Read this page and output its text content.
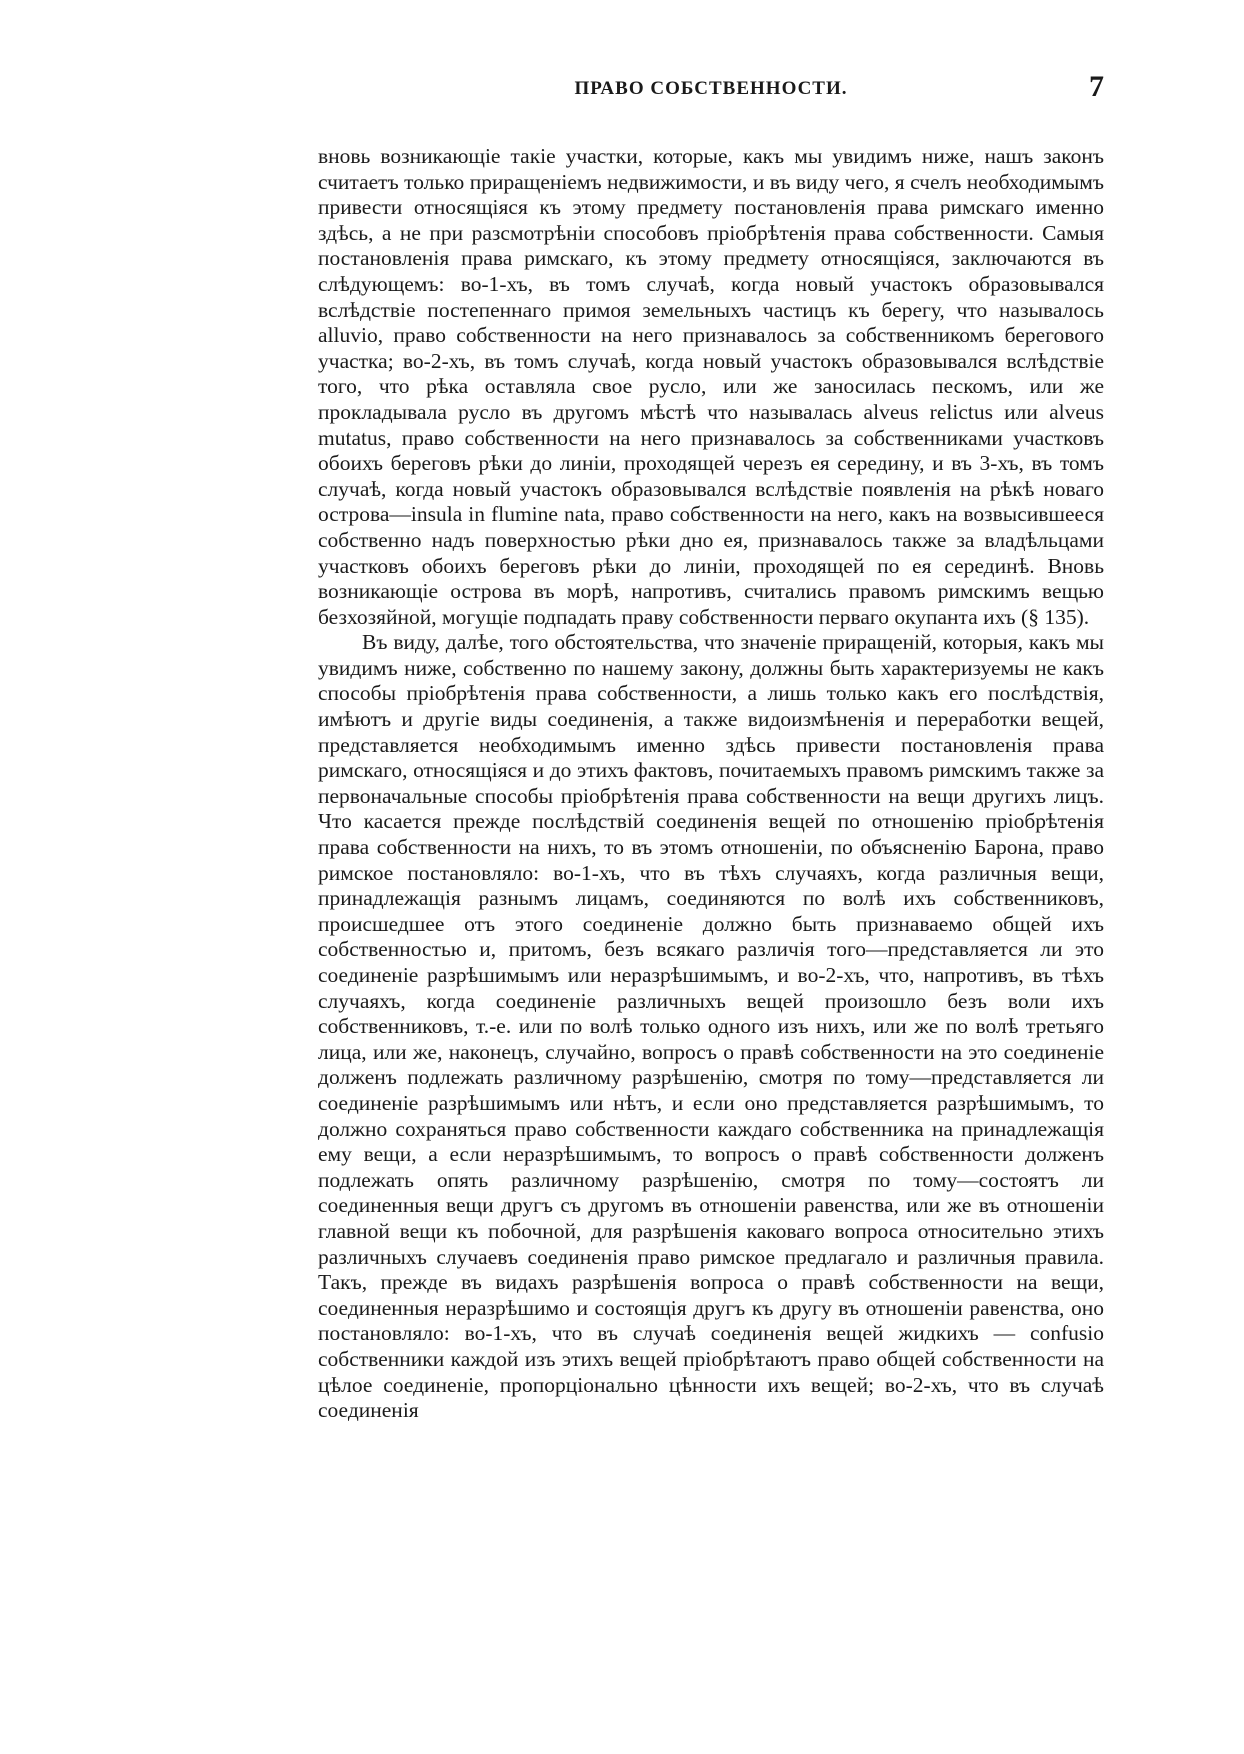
ПРАВО СОБСТВЕННОСТИ.	7

вновь возникающіе такіе участки, которые, какъ мы увидимъ ниже, нашъ законъ считаетъ только приращеніемъ недвижимости, и въ виду чего, я счелъ необходимымъ привести относящіяся къ этому предмету постановленія права римскаго именно здѣсь, а не при разсмотрѣніи способовъ пріобрѣтенія права собственности. Самыя постановленія права римскаго, къ этому предмету относящіяся, заключаются въ слѣдующемъ: во-1-хъ, въ томъ случаѣ, когда новый участокъ образовывался вслѣдствіе постепеннаго примоя земельныхъ частицъ къ берегу, что называлось alluvio, право собственности на него признавалось за собственникомъ берегового участка; во-2-хъ, въ томъ случаѣ, когда новый участокъ образовывался вслѣдствіе того, что рѣка оставляла свое русло, или же заносилась пескомъ, или же прокладывала русло въ другомъ мѣстѣ что называлась alveus relictus или alveus mutatus, право собственности на него признавалось за собственниками участковъ обоихъ береговъ рѣки до линіи, проходящей черезъ ея середину, и въ 3-хъ, въ томъ случаѣ, когда новый участокъ образовывался вслѣдствіе появленія на рѣкѣ новаго острова—insula in flumine nata, право собственности на него, какъ на возвысившееся собственно надъ поверхностью рѣки дно ея, признавалось также за владѣльцами участковъ обоихъ береговъ рѣки до линіи, проходящей по ея серединѣ. Вновь возникающіе острова въ морѣ, напротивъ, считались правомъ римскимъ вещью безхозяйной, могущіе подпадать праву собственности перваго окупанта ихъ (§ 135).

Въ виду, далѣе, того обстоятельства, что значеніе приращеній, которыя, какъ мы увидимъ ниже, собственно по нашему закону, должны быть характеризуемы не какъ способы пріобрѣтенія права собственности, а лишь только какъ его послѣдствія, имѣютъ и другіе виды соединенія, а также видоизмѣненія и переработки вещей, представляется необходимымъ именно здѣсь привести постановленія права римскаго, относящіяся и до этихъ фактовъ, почитаемыхъ правомъ римскимъ также за первоначальные способы пріобрѣтенія права собственности на вещи другихъ лицъ. Что касается прежде послѣдствій соединенія вещей по отношенію пріобрѣтенія права собственности на нихъ, то въ этомъ отношеніи, по объясненію Барона, право римское постановляло: во-1-хъ, что въ тѣхъ случаяхъ, когда различныя вещи, принадлежащія разнымъ лицамъ, соединяются по волѣ ихъ собственниковъ, происшедшее отъ этого соединеніе должно быть признаваемо общей ихъ собственностью и, притомъ, безъ всякаго различія того—представляется ли это соединеніе разрѣшимымъ или неразрѣшимымъ, и во-2-хъ, что, напротивъ, въ тѣхъ случаяхъ, когда соединеніе различныхъ вещей произошло безъ воли ихъ собственниковъ, т.-е. или по волѣ только одного изъ нихъ, или же по волѣ третьяго лица, или же, наконецъ, случайно, вопросъ о правѣ собственности на это соединеніе долженъ подлежать различному разрѣшенію, смотря по тому—представляется ли соединеніе разрѣшимымъ или нѣтъ, и если оно представляется разрѣшимымъ, то должно сохраняться право собственности каждаго собственника на принадлежащія ему вещи, а если неразрѣшимымъ, то вопросъ о правѣ собственности долженъ подлежать опять различному разрѣшенію, смотря по тому—состоятъ ли соединенныя вещи другъ съ другомъ въ отношеніи равенства, или же въ отношеніи главной вещи къ побочной, для разрѣшенія каковаго вопроса относительно этихъ различныхъ случаевъ соединенія право римское предлагало и различныя правила. Такъ, прежде въ видахъ разрѣшенія вопроса о правѣ собственности на вещи, соединенныя неразрѣшимо и состоящія другъ къ другу въ отношеніи равенства, оно постановляло: во-1-хъ, что въ случаѣ соединенія вещей жидкихъ — confusio собственники каждой изъ этихъ вещей пріобрѣтаютъ право общей собственности на цѣлое соединеніе, пропорціонально цѣнности ихъ вещей; во-2-хъ, что въ случаѣ соединенія
